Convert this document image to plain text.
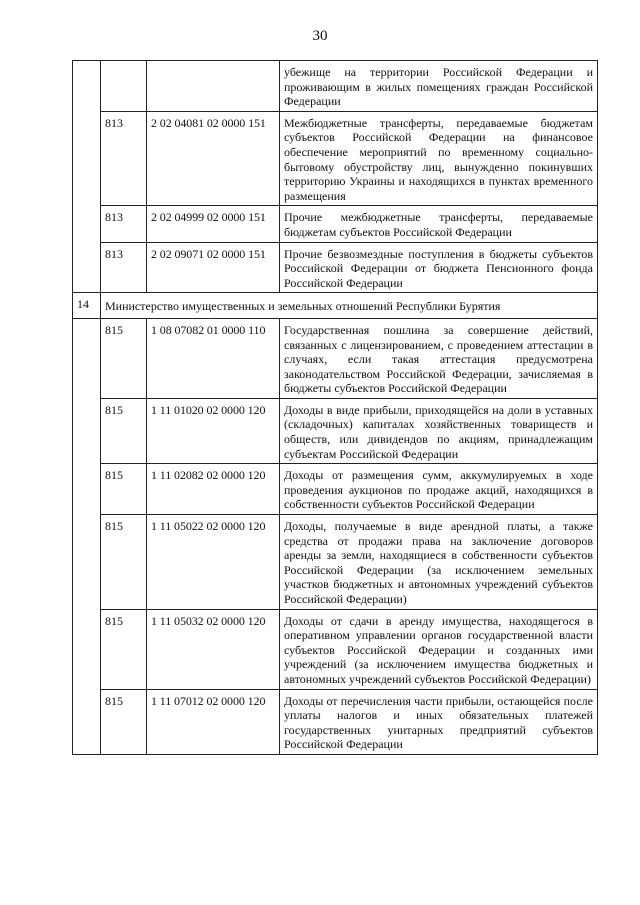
30
			убежище на территории Российской Федерации и проживающим в жилых помещениях граждан Российской Федерации
	813	2 02 04081 02 0000 151	Межбюджетные трансферты, передаваемые бюджетам субъектов Российской Федерации на финансовое обеспечение мероприятий по временному социально-бытовому обустройству лиц, вынужденно покинувших территорию Украины и находящихся в пунктах временного размещения
	813	2 02 04999 02 0000 151	Прочие межбюджетные трансферты, передаваемые бюджетам субъектов Российской Федерации
	813	2 02 09071 02 0000 151	Прочие безвозмездные поступления в бюджеты субъектов Российской Федерации от бюджета Пенсионного фонда Российской Федерации
14	Министерство имущественных и земельных отношений Республики Бурятия		
	815	1 08 07082 01 0000 110	Государственная пошлина за совершение действий, связанных с лицензированием, с проведением аттестации в случаях, если такая аттестация предусмотрена законодательством Российской Федерации, зачисляемая в бюджеты субъектов Российской Федерации
	815	1 11 01020 02 0000 120	Доходы в виде прибыли, приходящейся на доли в уставных (складочных) капиталах хозяйственных товариществ и обществ, или дивидендов по акциям, принадлежащим субъектам Российской Федерации
	815	1 11 02082 02 0000 120	Доходы от размещения сумм, аккумулируемых в ходе проведения аукционов по продаже акций, находящихся в собственности субъектов Российской Федерации
	815	1 11 05022 02 0000 120	Доходы, получаемые в виде арендной платы, а также средства от продажи права на заключение договоров аренды за земли, находящиеся в собственности субъектов Российской Федерации (за исключением земельных участков бюджетных и автономных учреждений субъектов Российской Федерации)
	815	1 11 05032 02 0000 120	Доходы от сдачи в аренду имущества, находящегося в оперативном управлении органов государственной власти субъектов Российской Федерации и созданных ими учреждений (за исключением имущества бюджетных и автономных учреждений субъектов Российской Федерации)
	815	1 11 07012 02 0000 120	Доходы от перечисления части прибыли, остающейся после уплаты налогов и иных обязательных платежей государственных унитарных предприятий субъектов Российской Федерации
